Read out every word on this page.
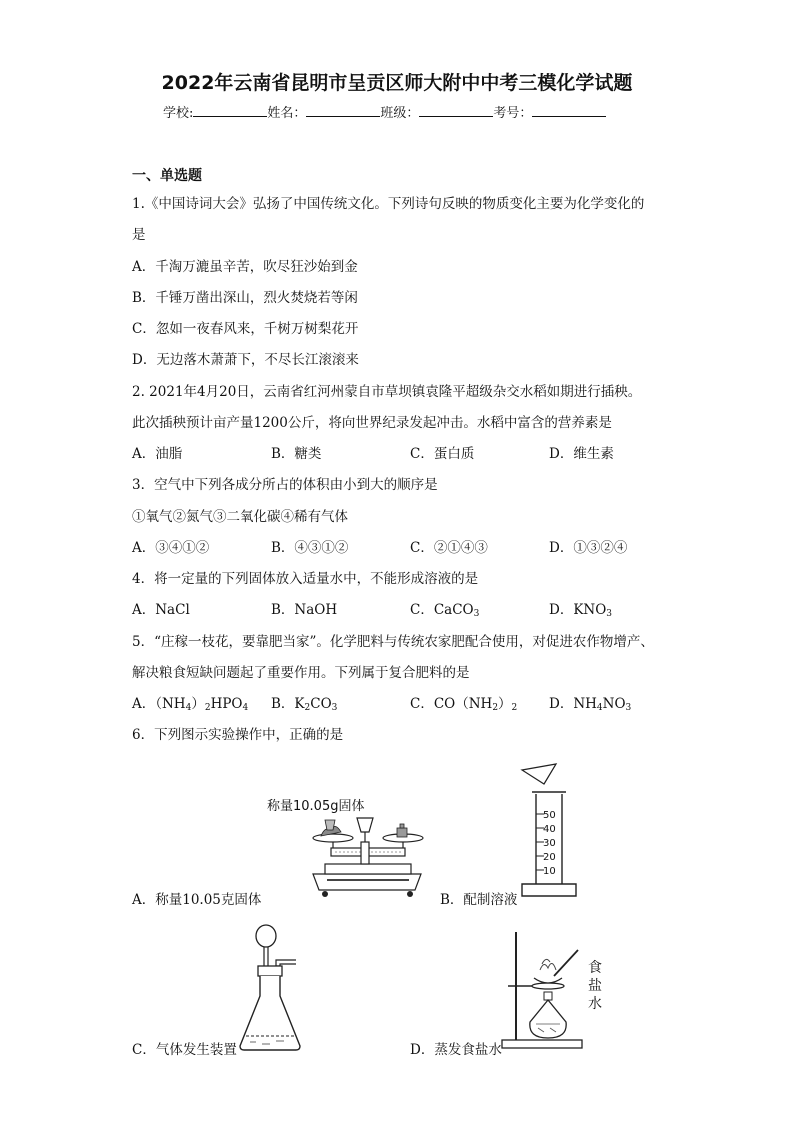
2022年云南省昆明市呈贡区师大附中中考三模化学试题
学校:	姓名：	班级：	考号：
一、单选题
1.《中国诗词大会》弘扬了中国传统文化。下列诗句反映的物质变化主要为化学变化的
是
A．千淘万漉虽辛苦，吹尽狂沙始到金
B．千锤万凿出深山，烈火焚烧若等闲
C．忽如一夜春风来，千树万树梨花开
D．无边落木萧萧下，不尽长江滚滚来
2. 2021年4月20日，云南省红河州蒙自市草坝镇袁隆平超级杂交水稻如期进行插秧。
此次插秧预计亩产量1200公斤，将向世界纪录发起冲击。水稻中富含的营养素是
A．油脂	B．糖类	C．蛋白质	D．维生素
3．空气中下列各成分所占的体积由小到大的顺序是
①氧气②氮气③二氧化碳④稀有气体
A．③④①②	B．④③①②	C．②①④③	D．①③②④
4．将一定量的下列固体放入适量水中，不能形成溶液的是
A．NaCl	B．NaOH	C．CaCO$_3$	D．$KNO_3$
5．“庄稼一枝花，要靠肥当家”。化学肥料与传统农家肥配合使用，对促进农作物增产、
解决粮食短缺问题起了重要作用。下列属于复合肥料的是
A．$(NH_4)_2HPO_4$ B．$K_2CO_3$	C．$CO(NH_2)_2$ D．$NH_4NO_3$
6．下列图示实验操作中，正确的是
称量10.05g固体
A．称量10.05克固体
50
40
30
20
10
B．配制溶液
C．气体发生装置
食
盐
水
D．蒸发食盐水
